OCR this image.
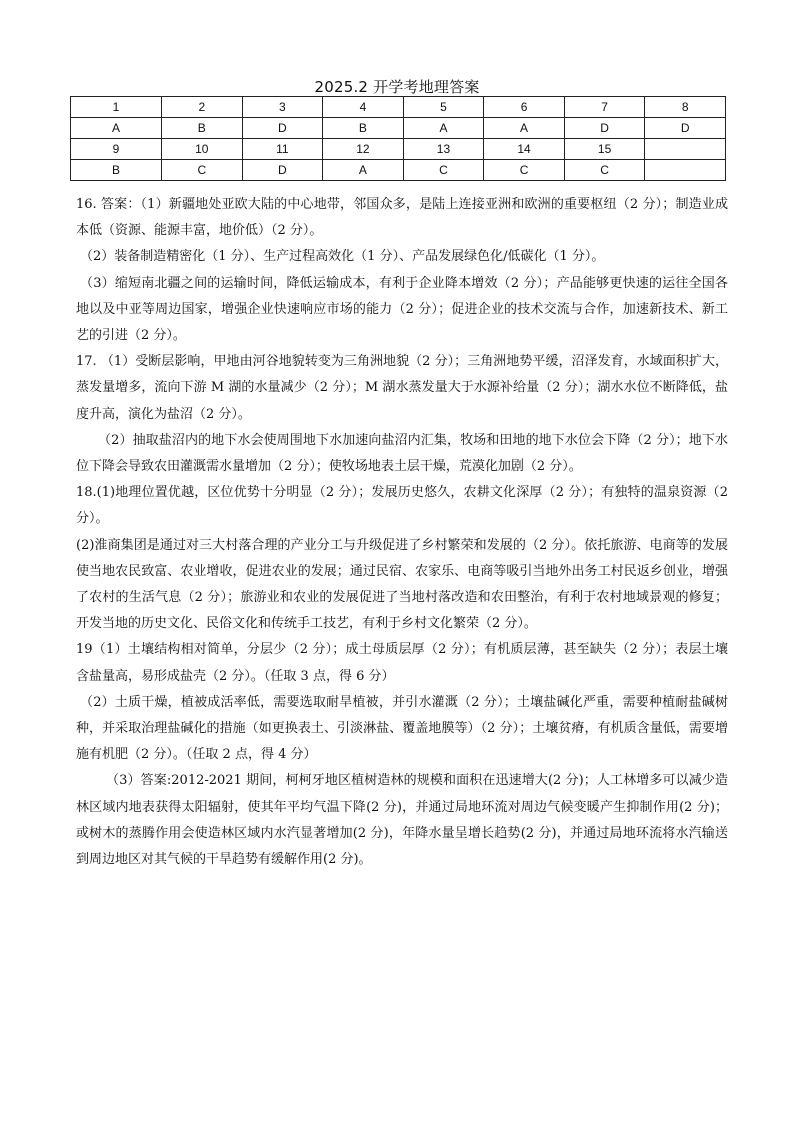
2025.2 开学考地理答案
1	2	3	4	5	6	7	8
A	B	D	B	A	A	D	D
9	10	11	12	13	14	15	
B	C	D	A	C	C	C	

16. 答案：（1）新疆地处亚欧大陆的中心地带，邻国众多，是陆上连接亚洲和欧洲的重要枢纽（2 分）；制造业成本低（资源、能源丰富，地价低）（2 分）。

（2）装备制造精密化（1 分）、生产过程高效化（1 分）、产品发展绿色化/低碳化（1 分）。

（3）缩短南北疆之间的运输时间，降低运输成本，有利于企业降本增效（2 分）；产品能够更快速的运往全国各地以及中亚等周边国家，增强企业快速响应市场的能力（2 分）；促进企业的技术交流与合作，加速新技术、新工艺的引进（2 分）。

17. （1）受断层影响，甲地由河谷地貌转变为三角洲地貌（2 分）；三角洲地势平缓，沼泽发育，水域面积扩大，蒸发量增多，流向下游 M 湖的水量减少（2 分）；M 湖水蒸发量大于水源补给量（2 分）；湖水水位不断降低，盐度升高，演化为盐沼（2 分）。

（2）抽取盐沼内的地下水会使周围地下水加速向盐沼内汇集，牧场和田地的地下水位会下降（2 分）；地下水位下降会导致农田灌溉需水量增加（2 分）；使牧场地表土层干燥，荒漠化加剧（2 分）。

18.(1)地理位置优越，区位优势十分明显（2 分）；发展历史悠久，农耕文化深厚（2 分）；有独特的温泉资源（2 分）。

(2)淮商集团是通过对三大村落合理的产业分工与升级促进了乡村繁荣和发展的（2 分）。依托旅游、电商等的发展使当地农民致富、农业增收，促进农业的发展；通过民宿、农家乐、电商等吸引当地外出务工村民返乡创业，增强了农村的生活气息（2 分）；旅游业和农业的发展促进了当地村落改造和农田整治，有利于农村地域景观的修复；开发当地的历史文化、民俗文化和传统手工技艺，有利于乡村文化繁荣（2 分）。

19（1）土壤结构相对简单，分层少（2 分）；成土母质层厚（2 分）；有机质层薄，甚至缺失（2 分）；表层土壤含盐量高，易形成盐壳（2 分）。（任取 3 点，得 6 分）

（2）土质干燥，植被成活率低，需要选取耐旱植被，并引水灌溉（2 分）；土壤盐碱化严重，需要种植耐盐碱树种，并采取治理盐碱化的措施（如更换表土、引淡淋盐、覆盖地膜等）（2 分）；土壤贫瘠，有机质含量低，需要增施有机肥（2 分）。（任取 2 点，得 4 分）

（3）答案:2012-2021 期间，柯柯牙地区植树造林的规模和面积在迅速增大(2 分)；人工林增多可以减少造林区域内地表获得太阳辐射，使其年平均气温下降(2 分)，并通过局地环流对周边气候变暖产生抑制作用(2 分)；或树木的蒸腾作用会使造林区域内水汽显著增加(2 分)，年降水量呈增长趋势(2 分)，并通过局地环流将水汽输送到周边地区对其气候的干旱趋势有缓解作用(2 分)。
